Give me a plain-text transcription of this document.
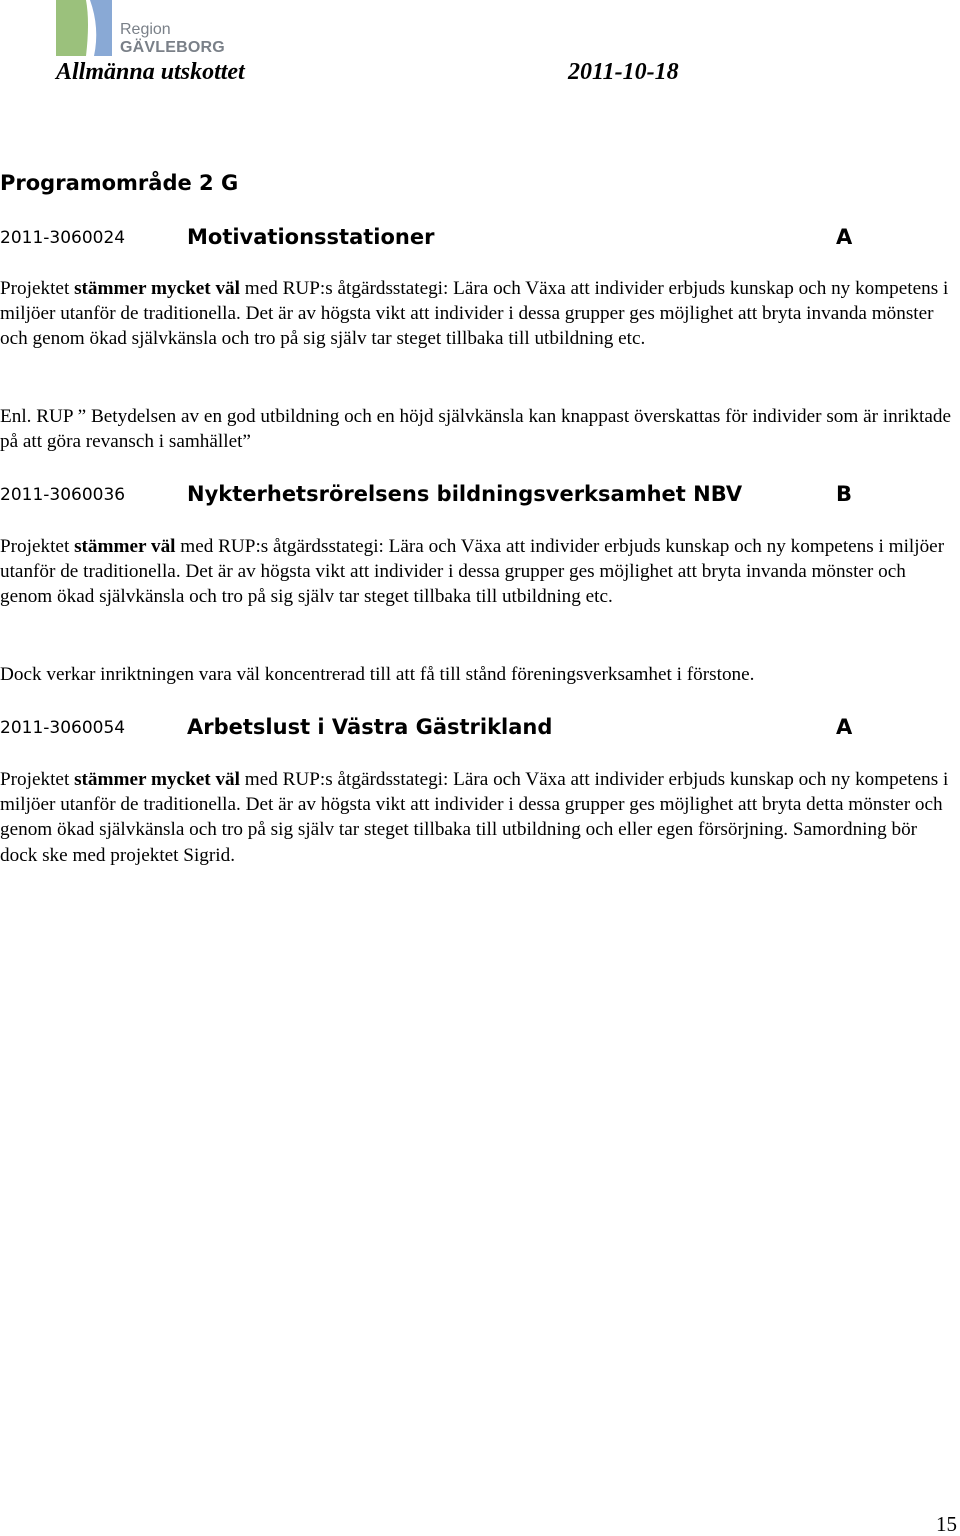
Region
GÄVLEBORG
Allmänna utskottet	2011-10-18
Programområde 2 G
2011-3060024	Motivationsstationer	A

Projektet stämmer mycket väl med RUP:s åtgärdsstategi: Lära och Växa att individer erbjuds kunskap och ny kompetens i miljöer utanför de traditionella. Det är av högsta vikt att individer i dessa grupper ges möjlighet att bryta invanda mönster och genom ökad självkänsla och tro på sig själv tar steget tillbaka till utbildning etc.

Enl. RUP ” Betydelsen av en god utbildning och en höjd självkänsla kan knappast överskattas för individer som är inriktade på att göra revansch i samhället”

2011-3060036	Nykterhetsrörelsens bildningsverksamhet NBV	B

Projektet stämmer väl med RUP:s åtgärdsstategi: Lära och Växa att individer erbjuds kunskap och ny kompetens i miljöer utanför de traditionella. Det är av högsta vikt att individer i dessa grupper ges möjlighet att bryta invanda mönster och genom ökad självkänsla och tro på sig själv tar steget tillbaka till utbildning etc.

Dock verkar inriktningen vara väl koncentrerad till att få till stånd föreningsverksamhet i förstone.

2011-3060054	Arbetslust i Västra Gästrikland	A

Projektet stämmer mycket väl med RUP:s åtgärdsstategi: Lära och Växa att individer erbjuds kunskap och ny kompetens i miljöer utanför de traditionella. Det är av högsta vikt att individer i dessa grupper ges möjlighet att bryta detta mönster och genom ökad självkänsla och tro på sig själv tar steget tillbaka till utbildning och eller egen försörjning. Samordning bör dock ske med projektet Sigrid.

15
